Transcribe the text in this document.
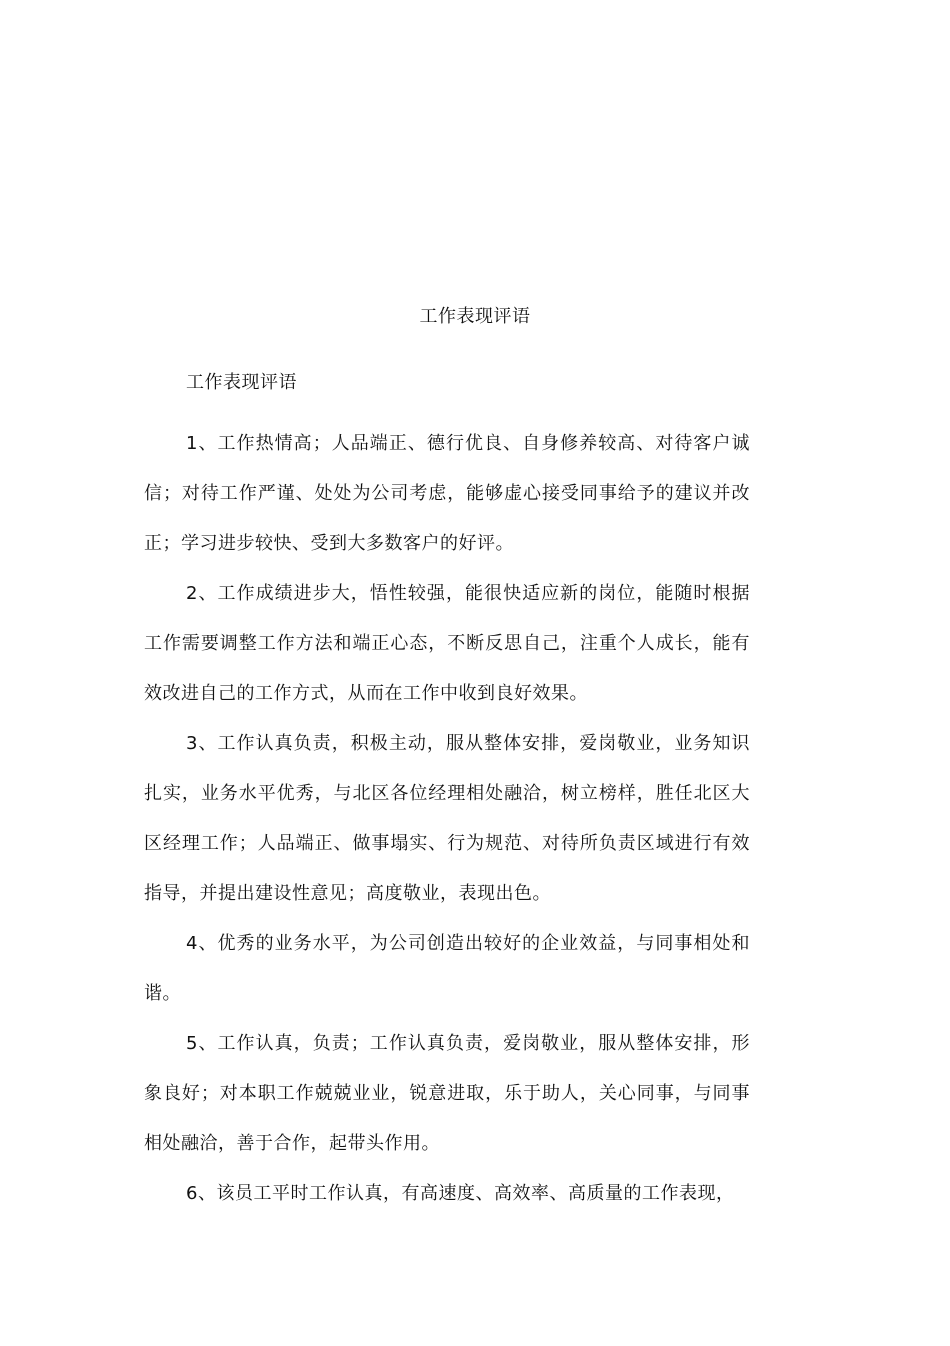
工作表现评语
工作表现评语

1、工作热情高；人品端正、德行优良、自身修养较高、对待客户诚信；对待工作严谨、处处为公司考虑，能够虚心接受同事给予的建议并改正；学习进步较快、受到大多数客户的好评。

2、工作成绩进步大，悟性较强，能很快适应新的岗位，能随时根据工作需要调整工作方法和端正心态，不断反思自己，注重个人成长，能有效改进自己的工作方式，从而在工作中收到良好效果。

3、工作认真负责，积极主动，服从整体安排，爱岗敬业，业务知识扎实，业务水平优秀，与北区各位经理相处融洽，树立榜样，胜任北区大区经理工作；人品端正、做事塌实、行为规范、对待所负责区域进行有效指导，并提出建设性意见；高度敬业，表现出色。

4、优秀的业务水平，为公司创造出较好的企业效益，与同事相处和谐。

5、工作认真，负责；工作认真负责，爱岗敬业，服从整体安排，形象良好；对本职工作兢兢业业，锐意进取，乐于助人，关心同事，与同事相处融洽，善于合作，起带头作用。

6、该员工平时工作认真，有高速度、高效率、高质量的工作表现，
